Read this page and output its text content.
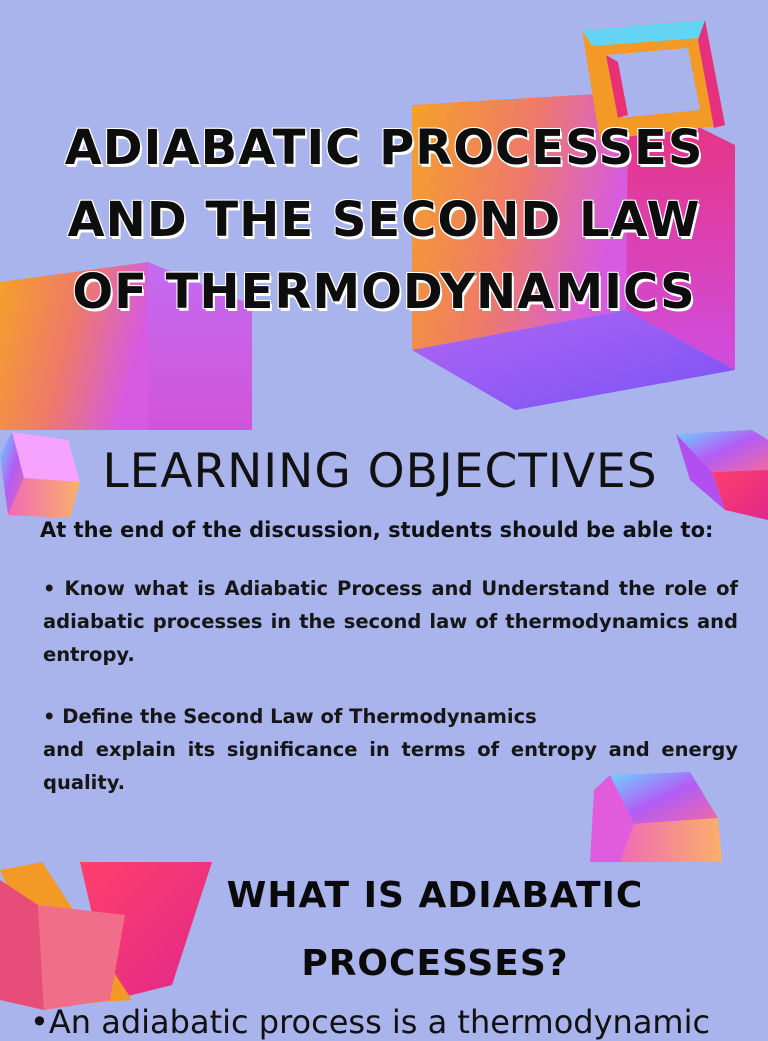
ADIABATIC PROCESSES
AND THE SECOND LAW
OF THERMODYNAMICS
LEARNING OBJECTIVES

At the end of the discussion, students should be able to:

• Know what is Adiabatic Process and Understand the role of adiabatic processes in the second law of thermodynamics and entropy.

• Define the Second Law of Thermodynamics
and explain its significance in terms of entropy and energy quality.

WHAT IS ADIABATIC
PROCESSES?

•An adiabatic process is a thermodynamic
